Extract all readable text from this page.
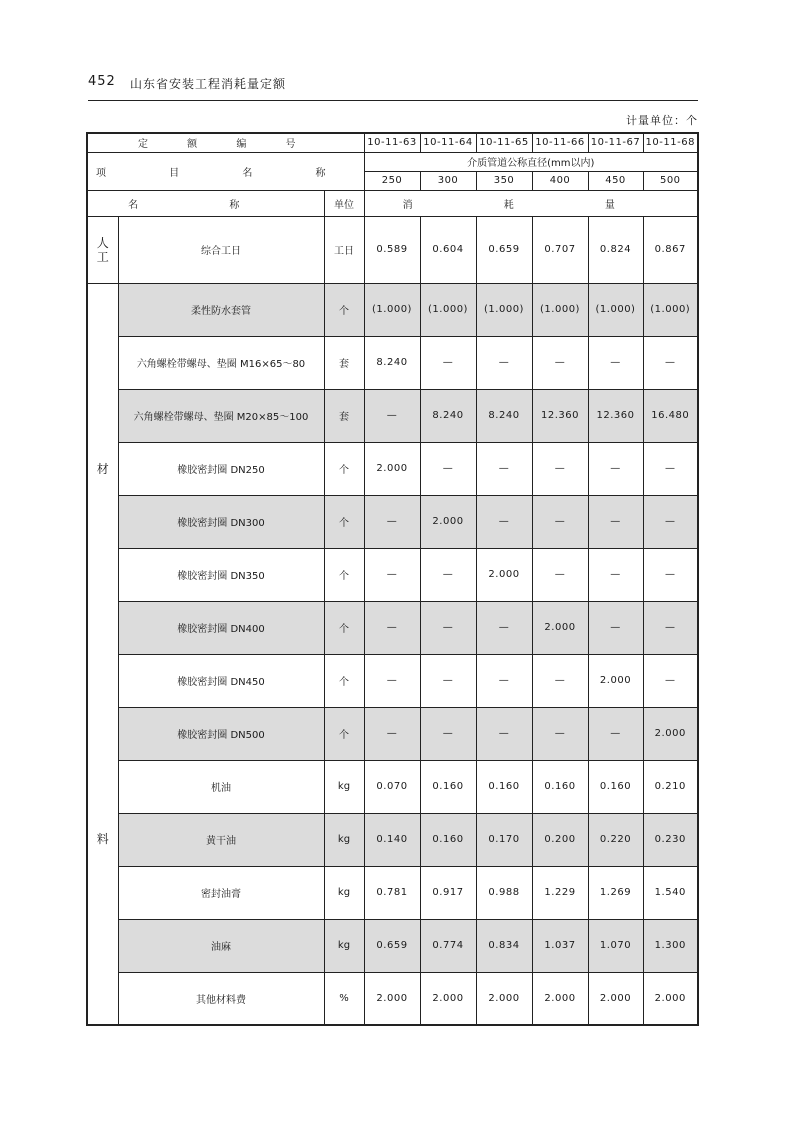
452 山东省安装工程消耗量定额
计量单位：个
定 额 编 号			10-11-63	10-11-64	10-11-65	10-11-66	10-11-67	10-11-68
项 目 名 称			介质管道公称直径(mm以内)					
			250	300	350	400	450	500
名 称		单位	消 耗 量					
人工	综合工日	工日	0.589	0.604	0.659	0.707	0.824	0.867

材
料	柔性防水套管	个	(1.000)	(1.000)	(1.000)	(1.000)	(1.000)	(1.000)
	六角螺栓带螺母、垫圈 M16×65～80	套	8.240	—	—	—	—	—
	六角螺栓带螺母、垫圈 M20×85～100	套	—	8.240	8.240	12.360	12.360	16.480
	橡胶密封圈 DN250	个	2.000	—	—	—	—	—
	橡胶密封圈 DN300	个	—	2.000	—	—	—	—
	橡胶密封圈 DN350	个	—	—	2.000	—	—	—
	橡胶密封圈 DN400	个	—	—	—	2.000	—	—
	橡胶密封圈 DN450	个	—	—	—	—	2.000	—
	橡胶密封圈 DN500	个	—	—	—	—	—	2.000
	机油	kg	0.070	0.160	0.160	0.160	0.160	0.210
	黄干油	kg	0.140	0.160	0.170	0.200	0.220	0.230
	密封油膏	kg	0.781	0.917	0.988	1.229	1.269	1.540
	油麻	kg	0.659	0.774	0.834	1.037	1.070	1.300
	其他材料费	%	2.000	2.000	2.000	2.000	2.000	2.000
